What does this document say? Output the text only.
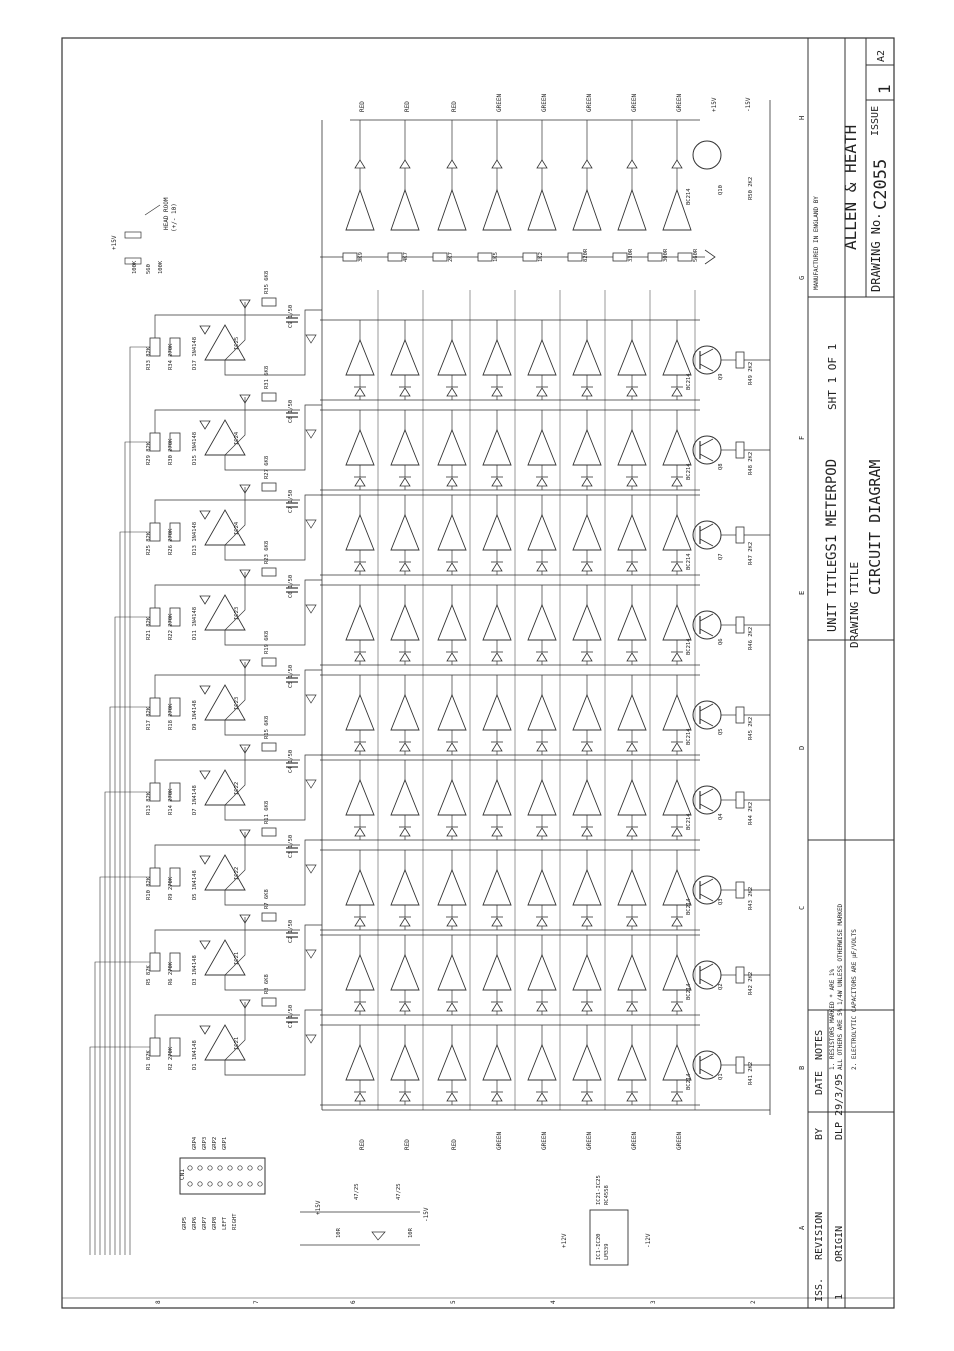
H
G
F
E
D
C
B
A
8	7	6	5	4	3	2
UNIT TITLE
GS1 METERPOD
SHT 1 OF 1
DRAWING TITLE
CIRCUIT DIAGRAM
MANUFACTURED IN ENGLAND BY ALLEN & HEATH
DRAWING No.
C2055
ISSUE
1
A2
ISS.
REVISION
BY
DATE
1
ORIGIN
DLP 29/3/95
NOTES 1. RESISTORS MARKED * ARE 1% ALL OTHERS ARE 5% 1/4W UNLESS OTHERWISE MARKED 2. ELECTROLYTIC CAPACITORS ARE µF/VOLTS
RED
RED
RED
RED
RED
RED
GREEN
GREEN
GREEN
GREEN
GREEN
GREEN
GREEN
GREEN
GREEN
GREEN
3K9	4K7	2K7	1K5	1K2	820R	330R	300R	560R
IC21
R1 82K	R2 270K	D1 1N4148
C1 1/50
R3 6K8
IC21
R5 82K	R6 270K	D3 1N4148
C2 1/50
R7 6K8
IC22
R10 82K	R9 270K	D5 1N4148
C3 1/50
R11 6K8
IC22
R13 82K	R14 270K	D7 1N4148
C4 1/50
R15 6K8
IC23
R17 82K	R18 270K	D9 1N4148
C5 1/50
R19 6K8
IC23
R21 82K	R22 270K	D11 1N4148
C6 1/50
R23 6K8
IC24
R25 82K	R26 270K	D13 1N4148
C7 1/50
R27 6K8
IC24
R29 82K	R30 270K	D15 1N4148
C8 1/50
R31 6K8
IC25
R33 82K	R34 270K	D17 1N4148
C9 1/50
R35 6K8
HEAD ROOM (+/- 10)
+15V
100K 560 100K
CN1
GRP4 GRP3 GRP2 GRP1
GRP5 GRP6 GRP7 GRP8 LEFT RIGHT
+15V	-15V
47/25	47/25
10R	10R
IC1-IC20 LM339
IC21-IC25 RC4558
+12V	-12V
Q1
BC214	R41 2K2
Q2
BC214	R42 2K2
Q3
BC214	R43 2K2
Q4
BC214	R44 2K2
Q5
BC214	R45 2K2
Q6
BC214	R46 2K2
Q7
BC214	R47 2K2
Q8
BC214	R48 2K2
Q9
BC214	R49 2K2
Q10
BC214	R50 2K2
+15V	-15V
